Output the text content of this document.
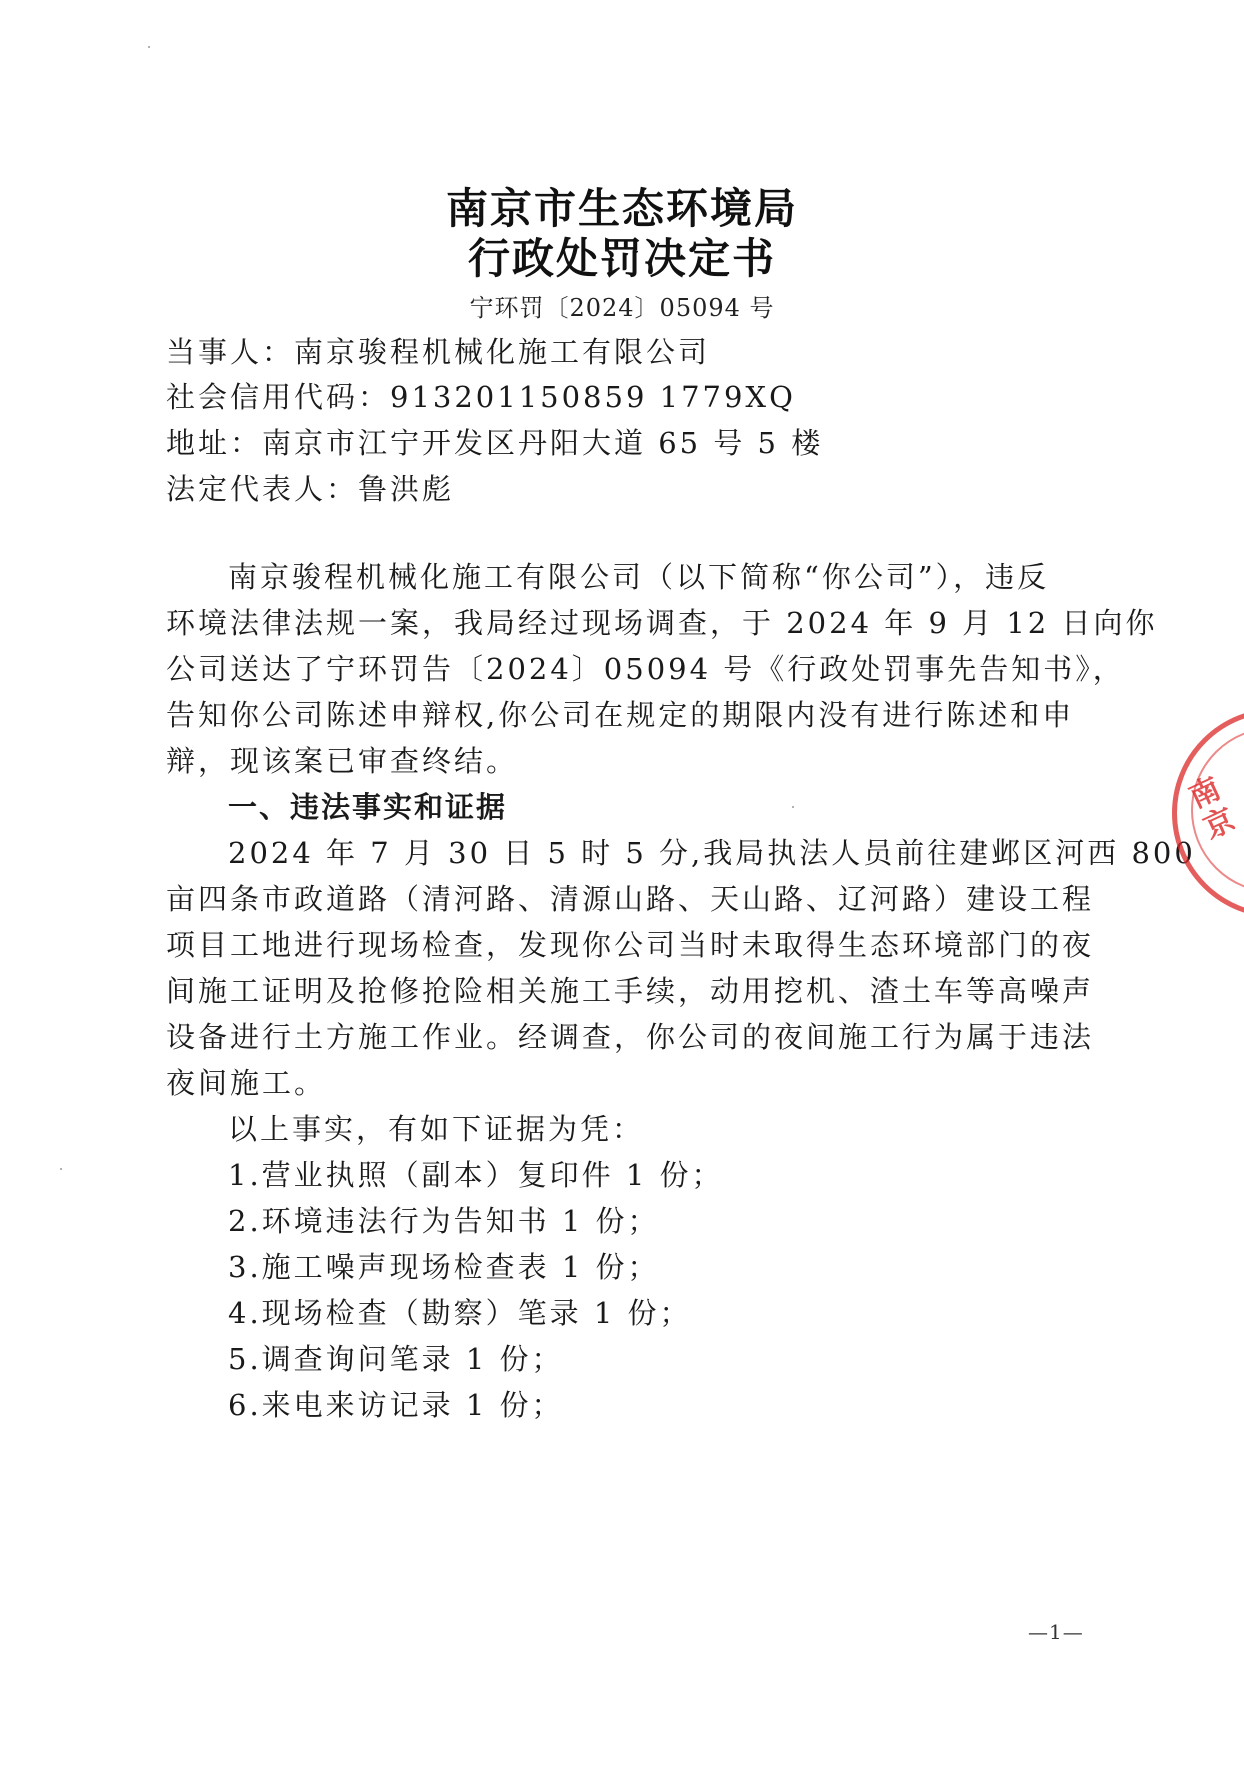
南京市生态环境局
行政处罚决定书
宁环罚〔2024〕05094 号
当事人：南京骏程机械化施工有限公司
社会信用代码：913201150859 1779XQ
地址：南京市江宁开发区丹阳大道 65 号 5 楼
法定代表人：鲁洪彪
南京骏程机械化施工有限公司（以下简称“你公司”），违反
环境法律法规一案，我局经过现场调查，于 2024 年 9 月 12 日向你
公司送达了宁环罚告〔2024〕05094 号《行政处罚事先告知书》，
告知你公司陈述申辩权,你公司在规定的期限内没有进行陈述和申
辩，现该案已审查终结。
一、违法事实和证据
2024 年 7 月 30 日 5 时 5 分,我局执法人员前往建邺区河西 800
亩四条市政道路（清河路、清源山路、天山路、辽河路）建设工程
项目工地进行现场检查，发现你公司当时未取得生态环境部门的夜
间施工证明及抢修抢险相关施工手续，动用挖机、渣土车等高噪声
设备进行土方施工作业。经调查，你公司的夜间施工行为属于违法
夜间施工。
以上事实，有如下证据为凭：
1.营业执照（副本）复印件 1 份；
2.环境违法行为告知书 1 份；
3.施工噪声现场检查表 1 份；
4.现场检查（勘察）笔录 1 份；
5.调查询问笔录 1 份；
6.来电来访记录 1 份；
—1—
南京
